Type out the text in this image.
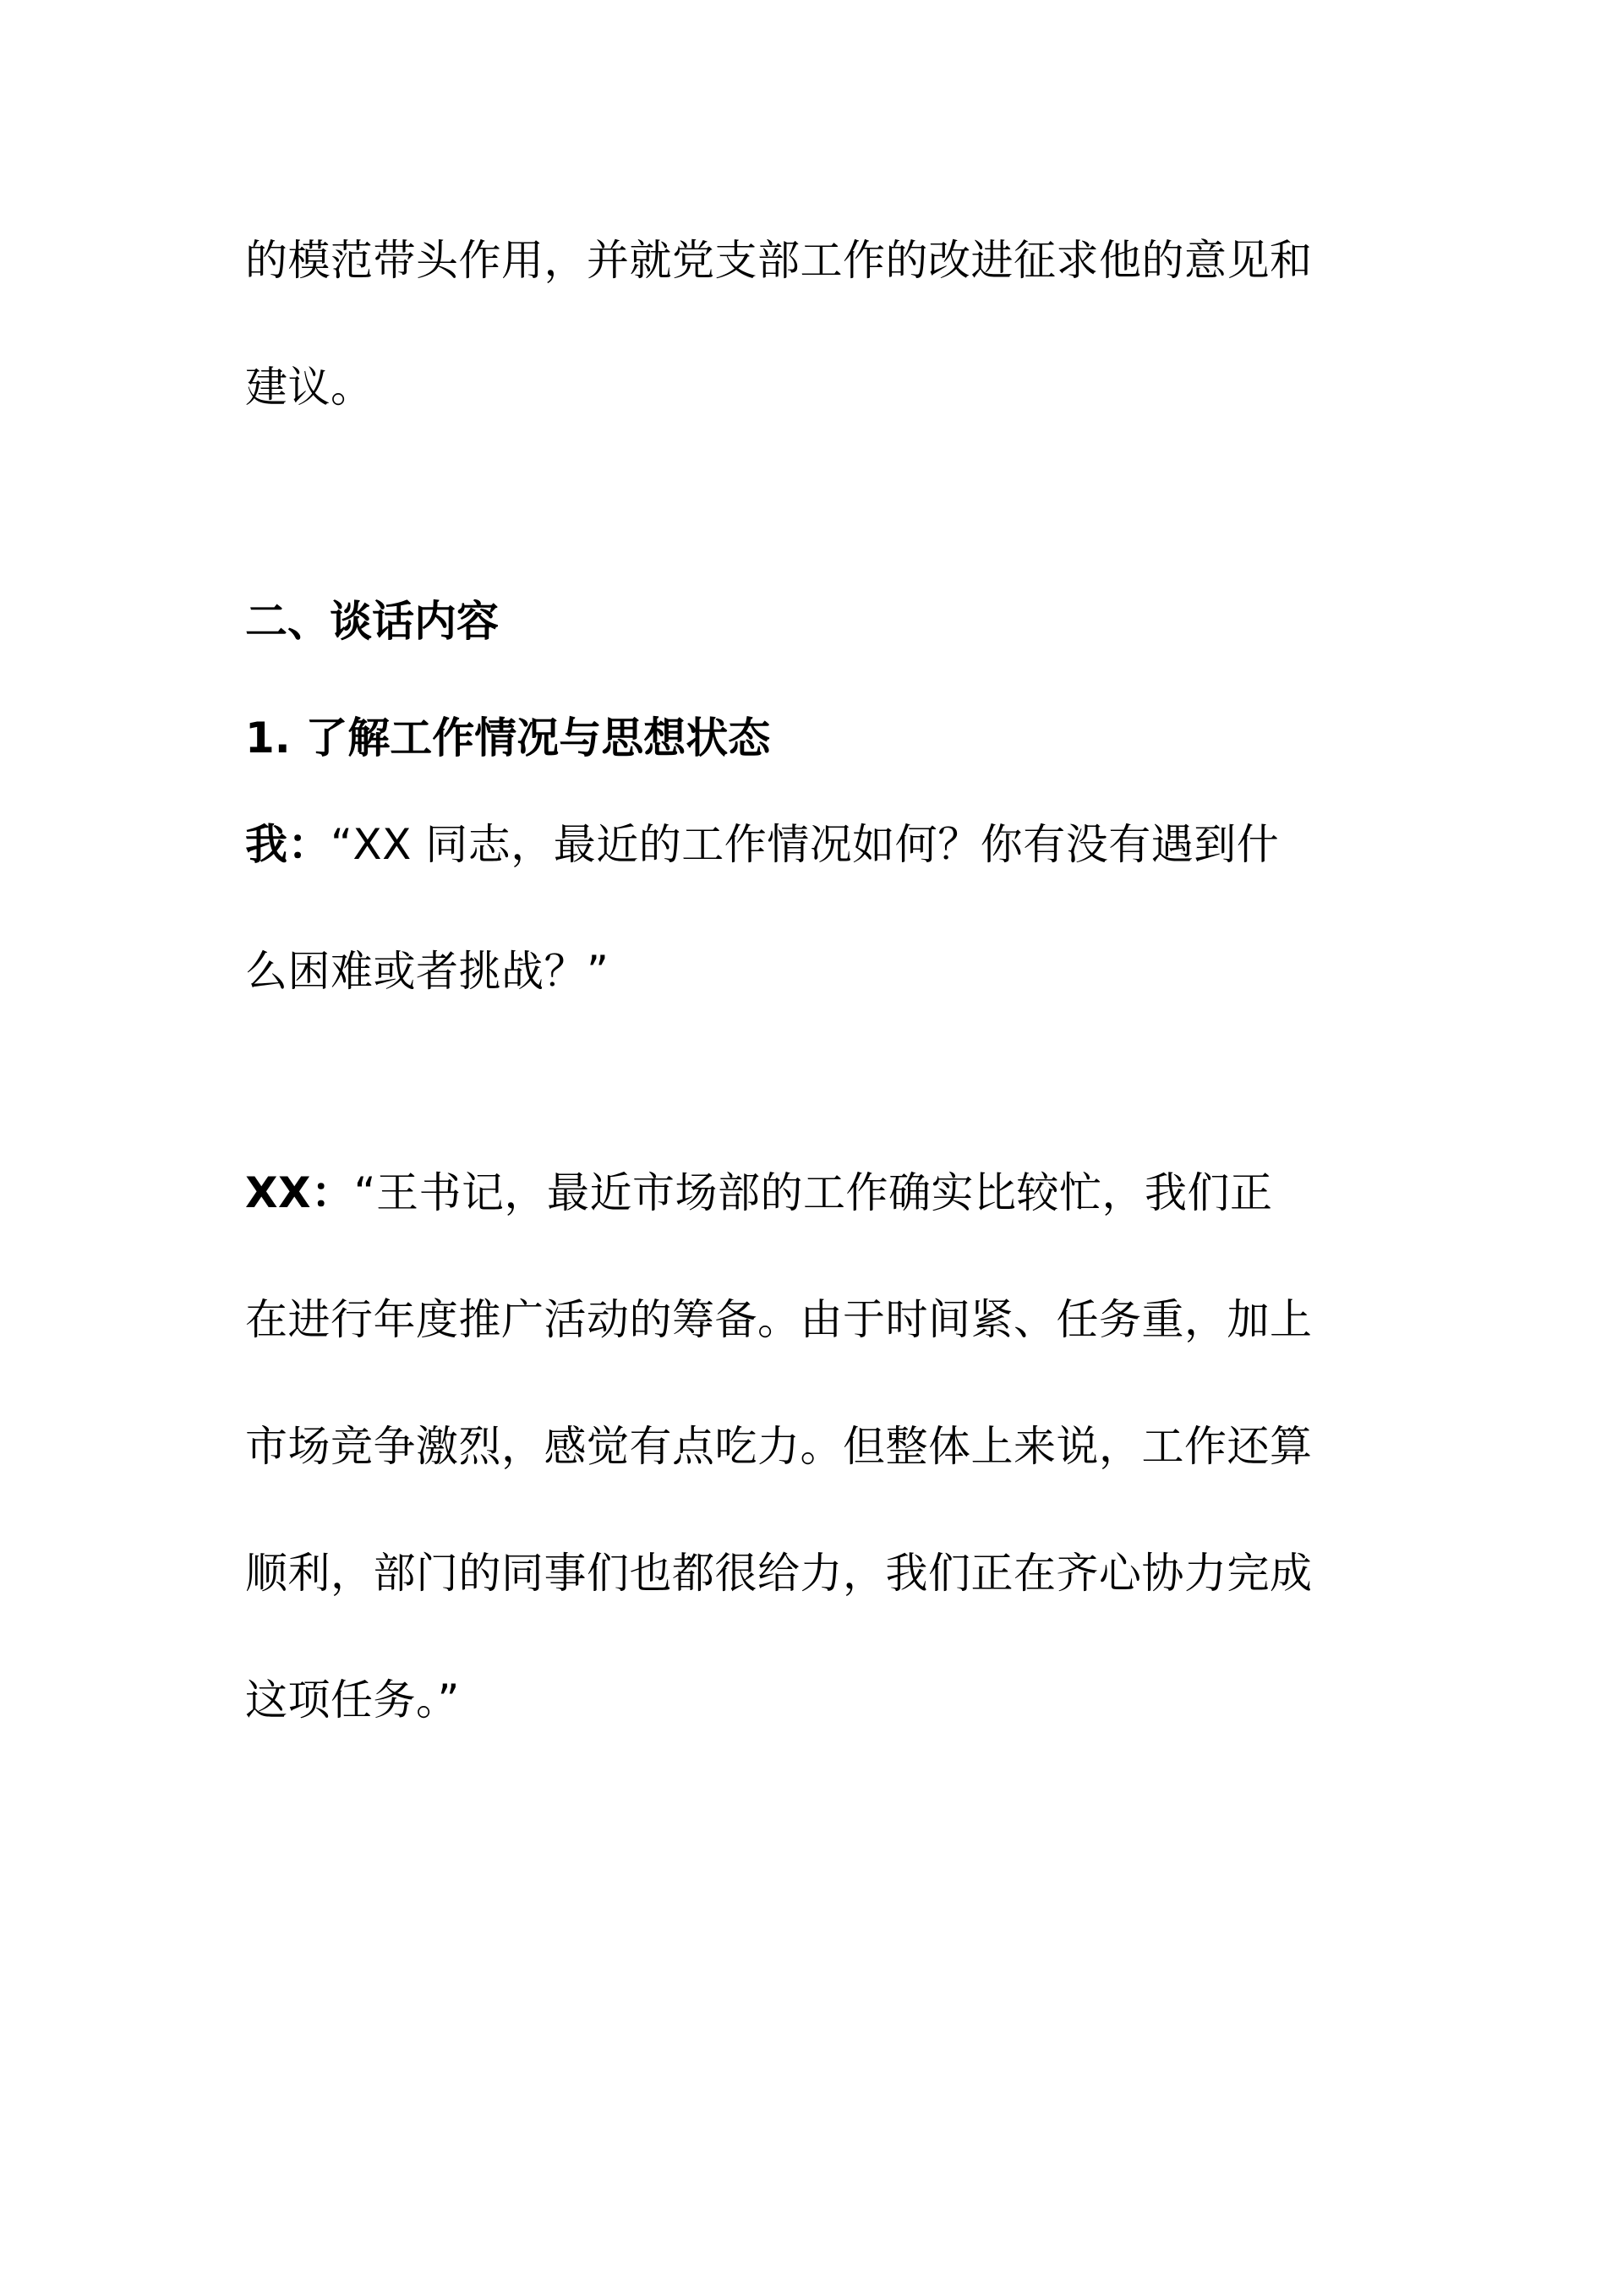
的模范带头作用，并就党支部工作的改进征求他的意见和
建议。
二、谈话内容
1. 了解工作情况与思想状态
我：“XX 同志，最近的工作情况如何？你有没有遇到什
么困难或者挑战？”
XX：“王书记，最近市场部的工作确实比较忙，我们正
在进行年度推广活动的筹备。由于时间紧、任务重，加上
市场竞争激烈，感觉有点吃力。但整体上来说，工作还算
顺利，部门的同事们也都很给力，我们正在齐心协力完成
这项任务。”
